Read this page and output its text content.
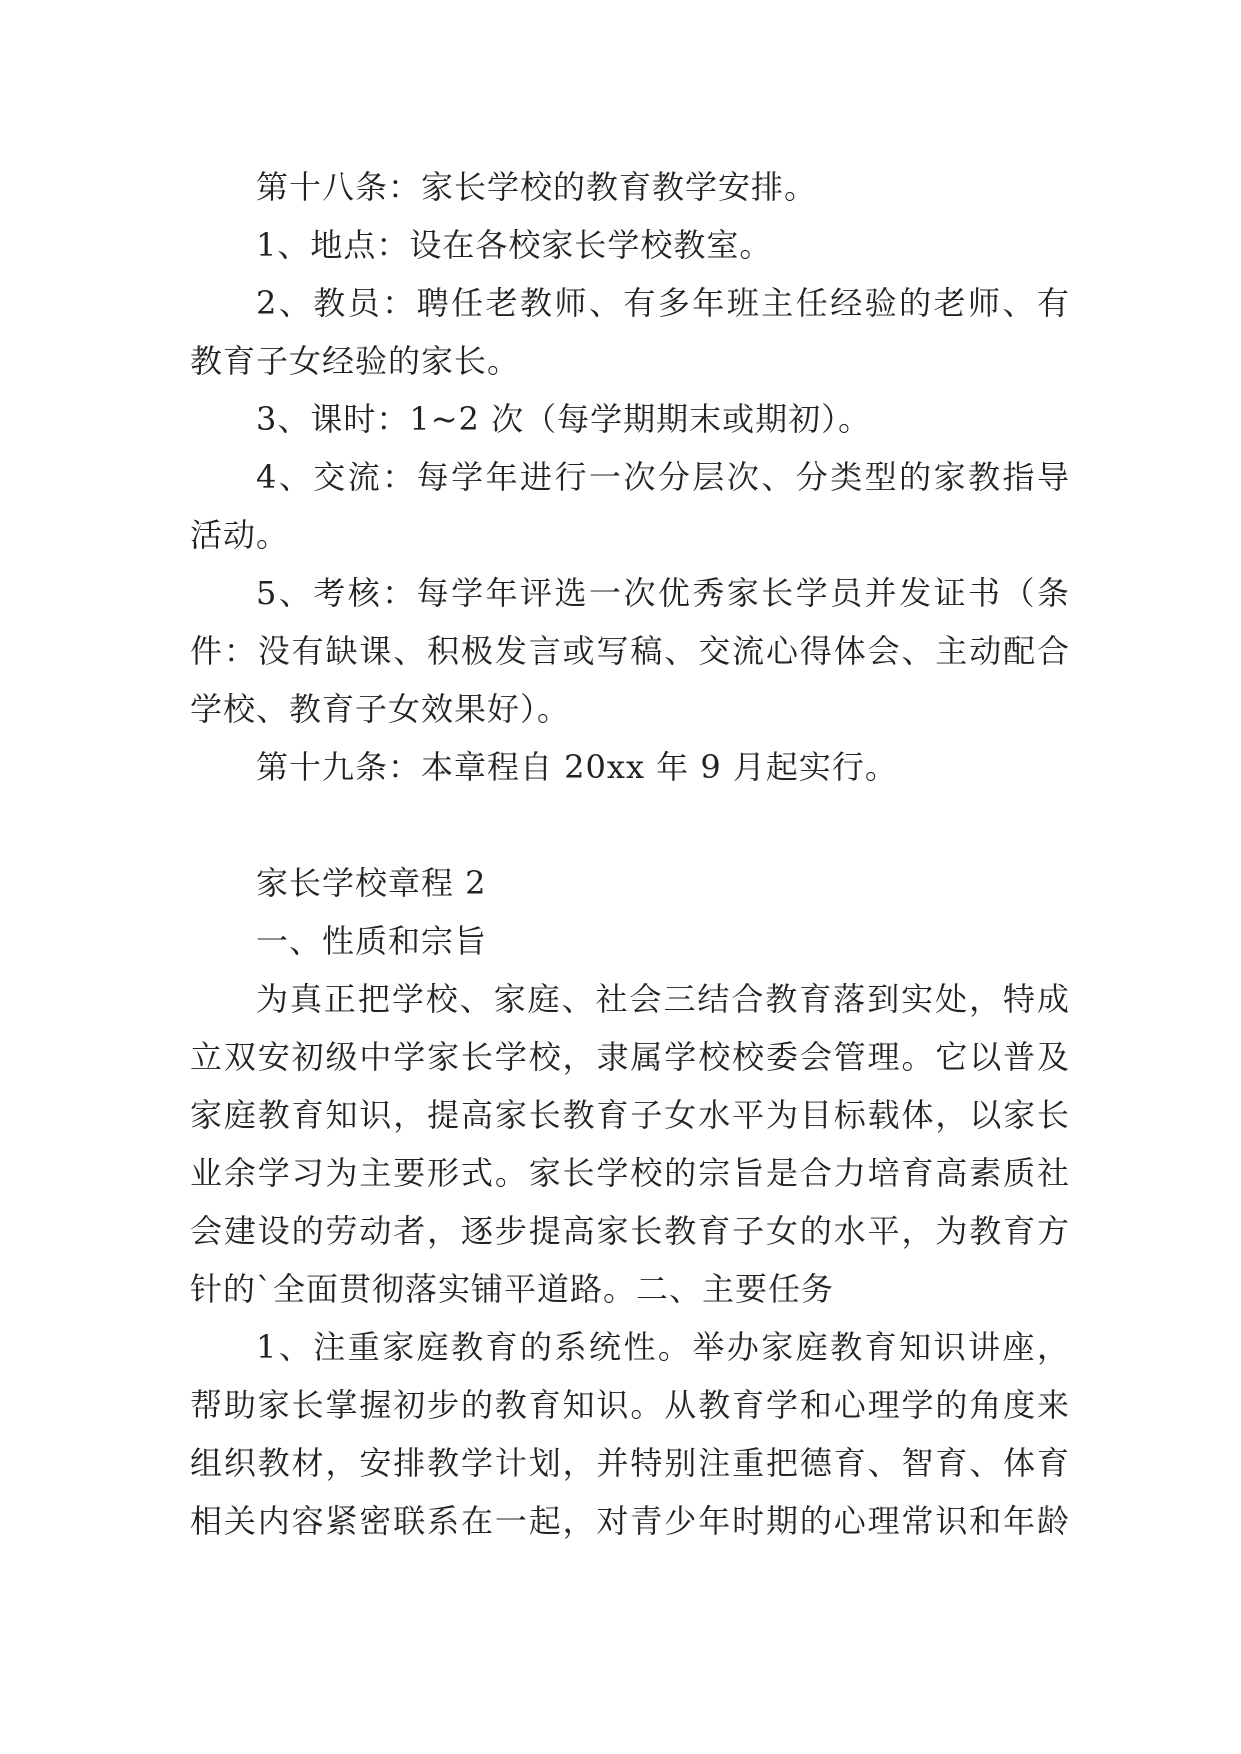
第十八条：家长学校的教育教学安排。
1、地点：设在各校家长学校教室。
2、教员：聘任老教师、有多年班主任经验的老师、有
教育子女经验的家长。
3、课时：1~2 次（每学期期末或期初）。
4、交流：每学年进行一次分层次、分类型的家教指导
活动。
5、考核：每学年评选一次优秀家长学员并发证书（条
件：没有缺课、积极发言或写稿、交流心得体会、主动配合
学校、教育子女效果好）。
第十九条：本章程自 20xx 年 9 月起实行。
家长学校章程 2
一、性质和宗旨
为真正把学校、家庭、社会三结合教育落到实处，特成
立双安初级中学家长学校，隶属学校校委会管理。它以普及
家庭教育知识，提高家长教育子女水平为目标载体，以家长
业余学习为主要形式。家长学校的宗旨是合力培育高素质社
会建设的劳动者，逐步提高家长教育子女的水平，为教育方
针的`全面贯彻落实铺平道路。二、主要任务
1、注重家庭教育的系统性。举办家庭教育知识讲座，
帮助家长掌握初步的教育知识。从教育学和心理学的角度来
组织教材，安排教学计划，并特别注重把德育、智育、体育
相关内容紧密联系在一起，对青少年时期的心理常识和年龄
